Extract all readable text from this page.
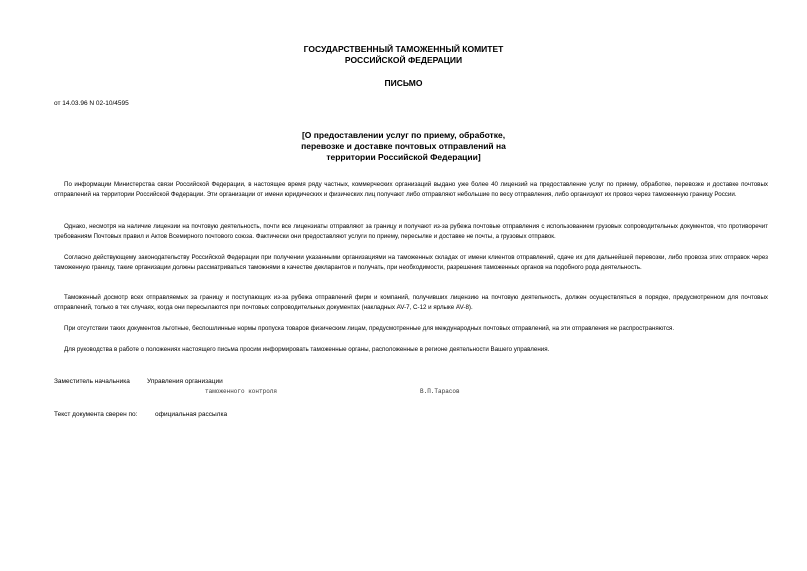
ГОСУДАРСТВЕННЫЙ ТАМОЖЕННЫЙ КОМИТЕТ
РОССИЙСКОЙ ФЕДЕРАЦИИ
ПИСЬМО
от 14.03.96 N 02-10/4595
[О предоставлении услуг по приему, обработке,
перевозке и доставке почтовых отправлений на
территории Российской Федерации]

По информации Министерства связи Российской Федерации, в настоящее время ряду частных, коммерческих организаций выдано уже более 40 лицензий на предоставление услуг по приему, обработке, перевозке и доставке почтовых отправлений на территории Российской Федерации. Эти организации от имени юридических и физических лиц получают либо отправляют небольшие по весу отправления, либо организуют их провоз через таможенную границу России.

Однако, несмотря на наличие лицензии на почтовую деятельность, почти все лицензиаты отправляют за границу и получают из-за рубежа почтовые отправления с использованием грузовых сопроводительных документов, что противоречит требованиям Почтовых правил и Актов Всемирного почтового союза. Фактически они предоставляют услуги по приему, пересылке и доставке не почты, а грузовых отправок.

Согласно действующему законодательству Российской Федерации при получении указанными организациями на таможенных складах от имени клиентов отправлений, сдаче их для дальнейшей перевозки, либо провоза этих отправок через таможенную границу, такие организации должны рассматриваться таможнями в качестве декларантов и получать, при необходимости, разрешения таможенных органов на подобного рода деятельность.

Таможенный досмотр всех отправляемых за границу и поступающих из-за рубежа отправлений фирм и компаний, получивших лицензию на почтовую деятельность, должен осуществляться в порядке, предусмотренном для почтовых отправлений, только в тех случаях, когда они пересылаются при почтовых сопроводительных документах (накладных AV-7, C-12 и ярлыке AV-8).

При отсутствии таких документов льготные, беспошлинные нормы пропуска товаров физическим лицам, предусмотренные для международных почтовых отправлений, на эти отправления не распространяются.

Для руководства в работе о положениях настоящего письма просим информировать таможенные органы, расположенные в регионе деятельности Вашего управления.

Заместитель начальника	Управления организации
таможенного контроля	В.П.Тарасов
Текст документа сверен по:	официальная рассылка
